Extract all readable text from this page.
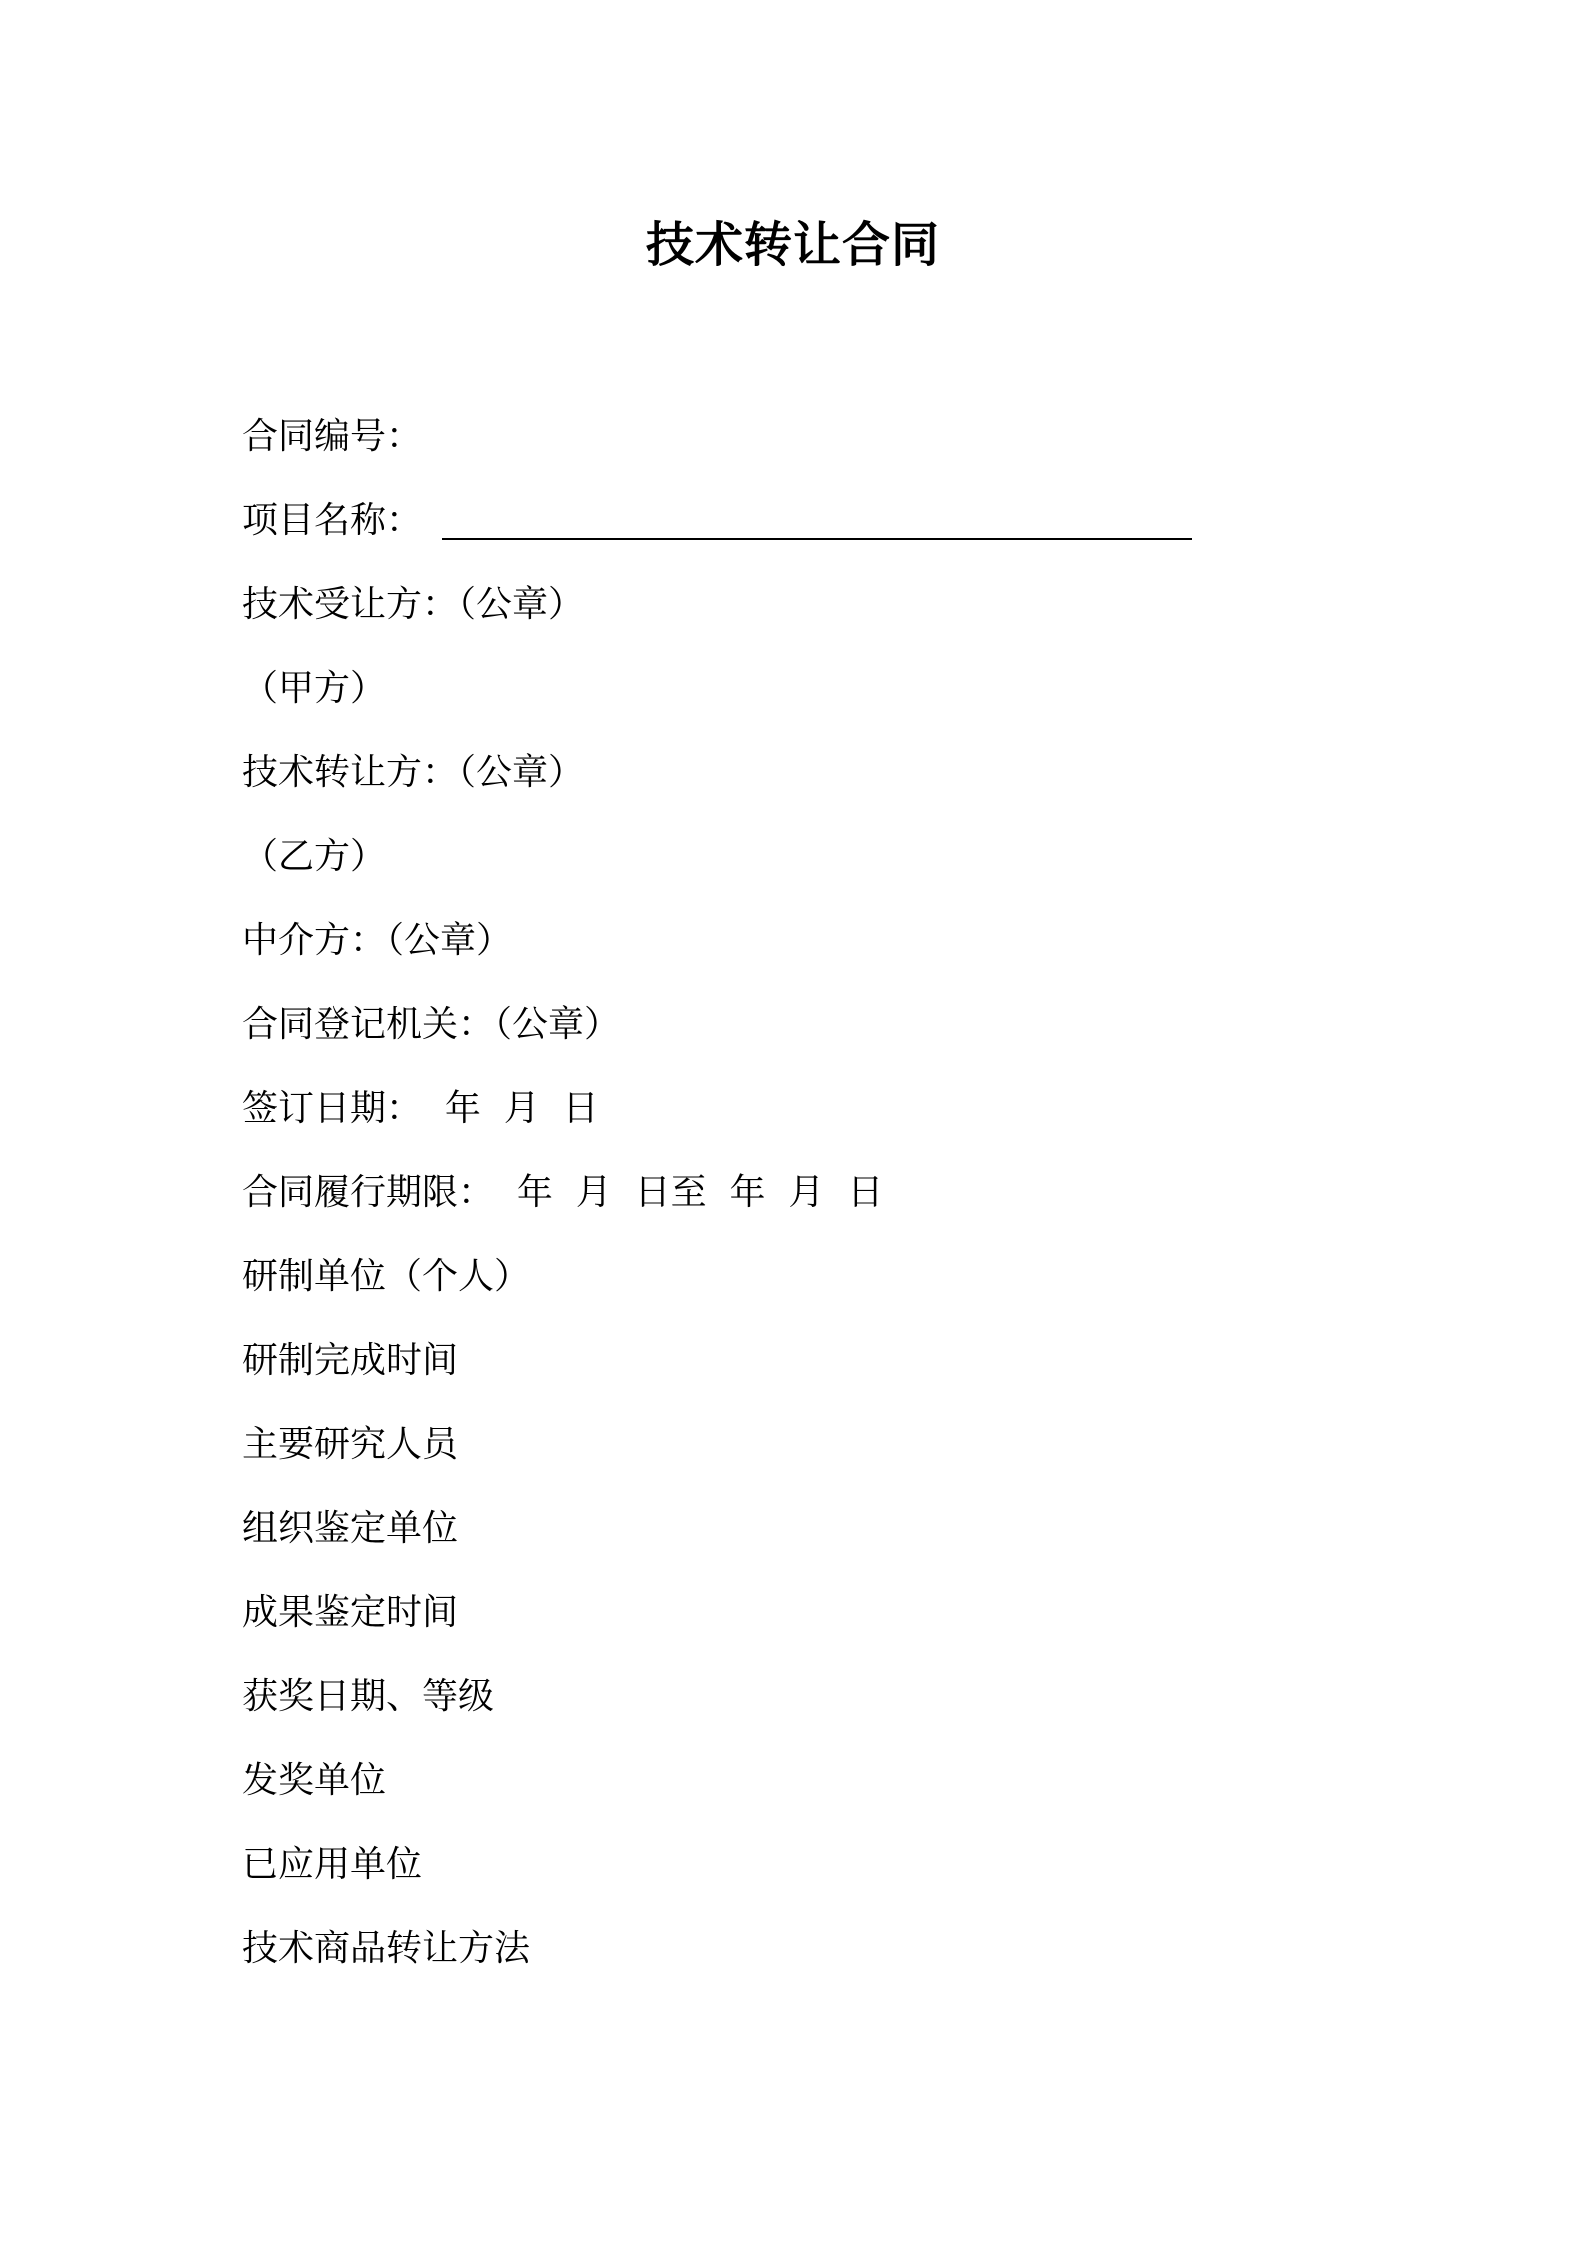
技术转让合同
合同编号：
项目名称：
技术受让方：（公章）
（甲方）
技术转让方：（公章）
（乙方）
中介方：（公章）
合同登记机关：（公章）
签订日期：  年  月  日
合同履行期限：  年  月  日至  年  月  日
研制单位（个人）
研制完成时间
主要研究人员
组织鉴定单位
成果鉴定时间
获奖日期、等级
发奖单位
已应用单位
技术商品转让方法
